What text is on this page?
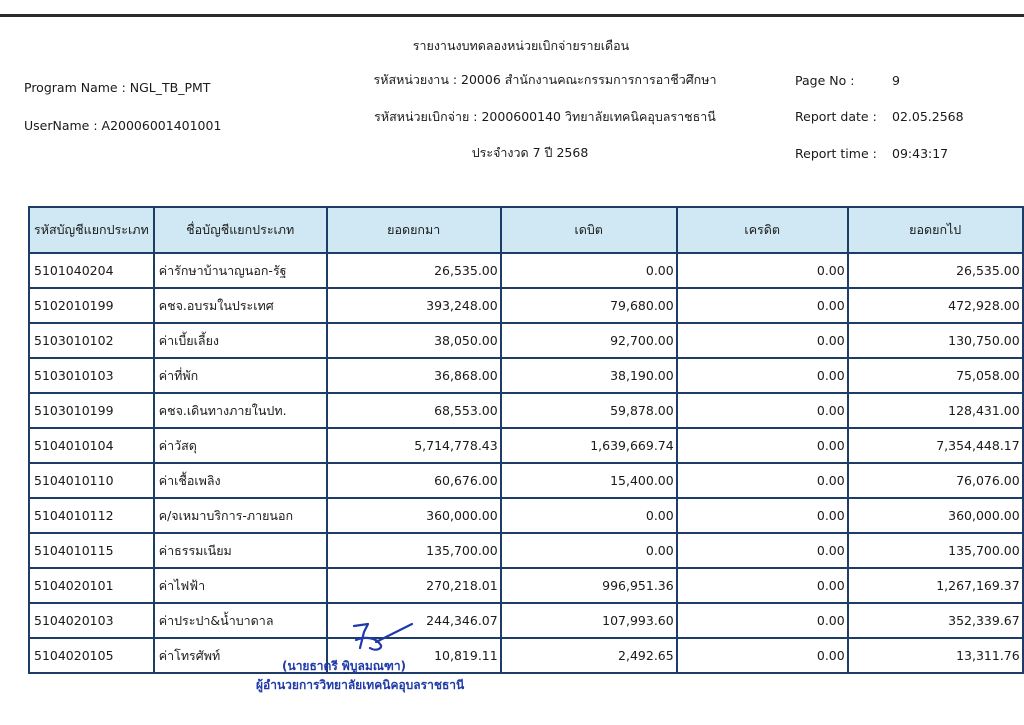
รายงานงบทดลองหน่วยเบิกจ่ายรายเดือน
รหัสหน่วยงาน : 20006 สำนักงานคณะกรรมการการอาชีวศึกษา
รหัสหน่วยเบิกจ่าย : 2000600140 วิทยาลัยเทคนิคอุบลราชธานี
ประจำงวด 7 ปี 2568
Program Name : NGL_TB_PMT
UserName : A20006001401001
Page No :	9
Report date : 02.05.2568
Report time : 09:43:17
รหัสบัญชีแยกประเภท	ชื่อบัญชีแยกประเภท	ยอดยกมา	เดบิต	เครดิต	ยอดยกไป
5101040204	ค่ารักษาบ้านาญนอก-รัฐ	26,535.00	0.00	0.00	26,535.00
5102010199	คชจ.อบรมในประเทศ	393,248.00	79,680.00	0.00	472,928.00
5103010102	ค่าเบี้ยเลี้ยง	38,050.00	92,700.00	0.00	130,750.00
5103010103	ค่าที่พัก	36,868.00	38,190.00	0.00	75,058.00
5103010199	คชจ.เดินทางภายในปท.	68,553.00	59,878.00	0.00	128,431.00
5104010104	ค่าวัสดุ	5,714,778.43	1,639,669.74	0.00	7,354,448.17
5104010110	ค่าเชื้อเพลิง	60,676.00	15,400.00	0.00	76,076.00
5104010112	ค/จเหมาบริการ-ภายนอก	360,000.00	0.00	0.00	360,000.00
5104010115	ค่าธรรมเนียม	135,700.00	0.00	0.00	135,700.00
5104020101	ค่าไฟฟ้า	270,218.01	996,951.36	0.00	1,267,169.37
5104020103	ค่าประปา&น้ำบาดาล	244,346.07	107,993.60	0.00	352,339.67
5104020105	ค่าโทรศัพท์	10,819.11	2,492.65	0.00	13,311.76
(นายธาตรี พิบูลมณฑา)
ผู้อำนวยการวิทยาลัยเทคนิคอุบลราชธานี
